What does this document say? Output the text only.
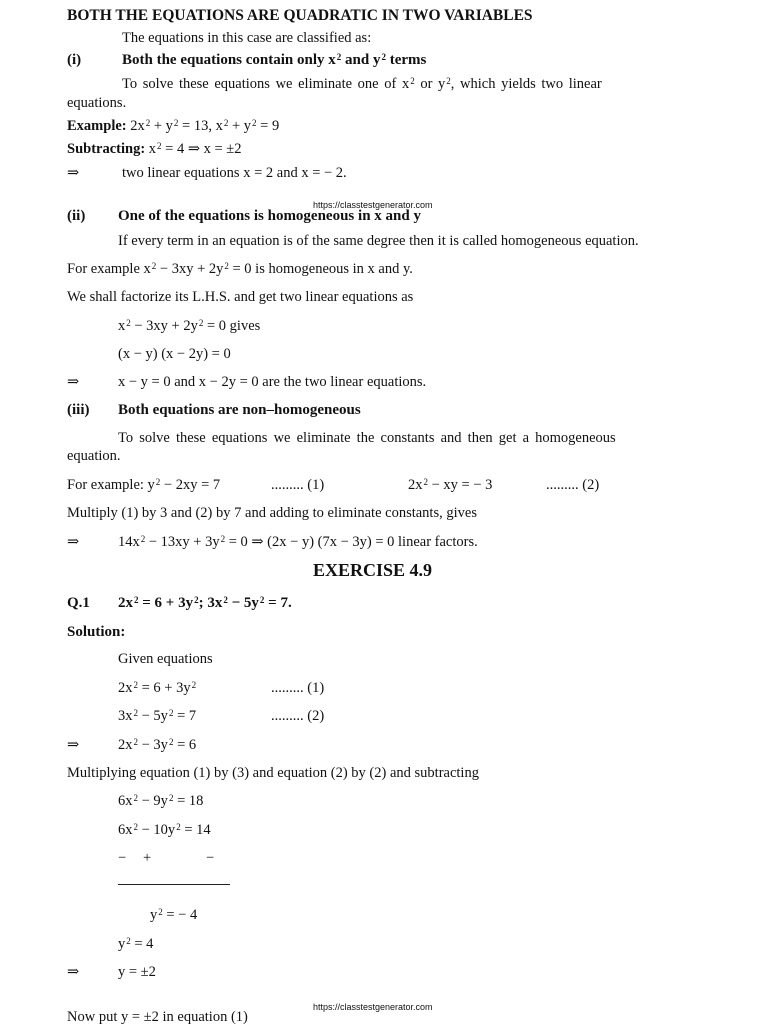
BOTH THE EQUATIONS ARE QUADRATIC IN TWO VARIABLES
The equations in this case are classified as:
(i)	Both the equations contain only $x^2$ and $y^2$ terms
To solve these equations we eliminate one of $x^2$ or $y^2$, which yields two linear
equations.
Example: $2x^2 + y^2 = 13$, $x^2 + y^2 = 9$
Subtracting: $x^2 = 4$ ⇒ x = ±2
⇒	two linear equations x = 2 and x = − 2.
https://classtestgenerator.com
(ii) One of the equations is homogeneous in x and y
If every term in an equation is of the same degree then it is called homogeneous equation.
For example $x^2 - 3xy + 2y^2 = 0$ is homogeneous in x and y.
We shall factorize its L.H.S. and get two linear equations as
$x^2 - 3xy + 2y^2 = 0$ gives
(x − y) (x − 2y) = 0
⇒	x − y = 0 and x − 2y = 0 are the two linear equations.
(iii) Both equations are non–homogeneous
To solve these equations we eliminate the constants and then get a homogeneous
equation.
For example: $y^2 - 2xy = 7$	......... (1)	$2x^2$ − xy = − 3	......... (2)
Multiply (1) by 3 and (2) by 7 and adding to eliminate constants, gives
⇒	$14x^2 - 13xy + 3y^2 = 0$ ⇒ (2x − y) (7x − 3y) = 0 linear factors.
EXERCISE 4.9
Q.1 $2x^2 = 6 + 3y^2$; $3x^2 - 5y^2 = 7$.
Solution:
Given equations
$2x^2 = 6 + 3y^2$	......... (1)
$3x^2 - 5y^2 = 7$	......... (2)
⇒	$2x^2 - 3y^2 = 6$
Multiplying equation (1) by (3) and equation (2) by (2) and subtracting
$6x^2 - 9y^2 = 18$
$6x^2 - 10y^2 = 14$
− +	−
$y^2$ = − 4
$y^2 = 4$
⇒	y = ±2
https://classtestgenerator.com
Now put y = ±2 in equation (1)
